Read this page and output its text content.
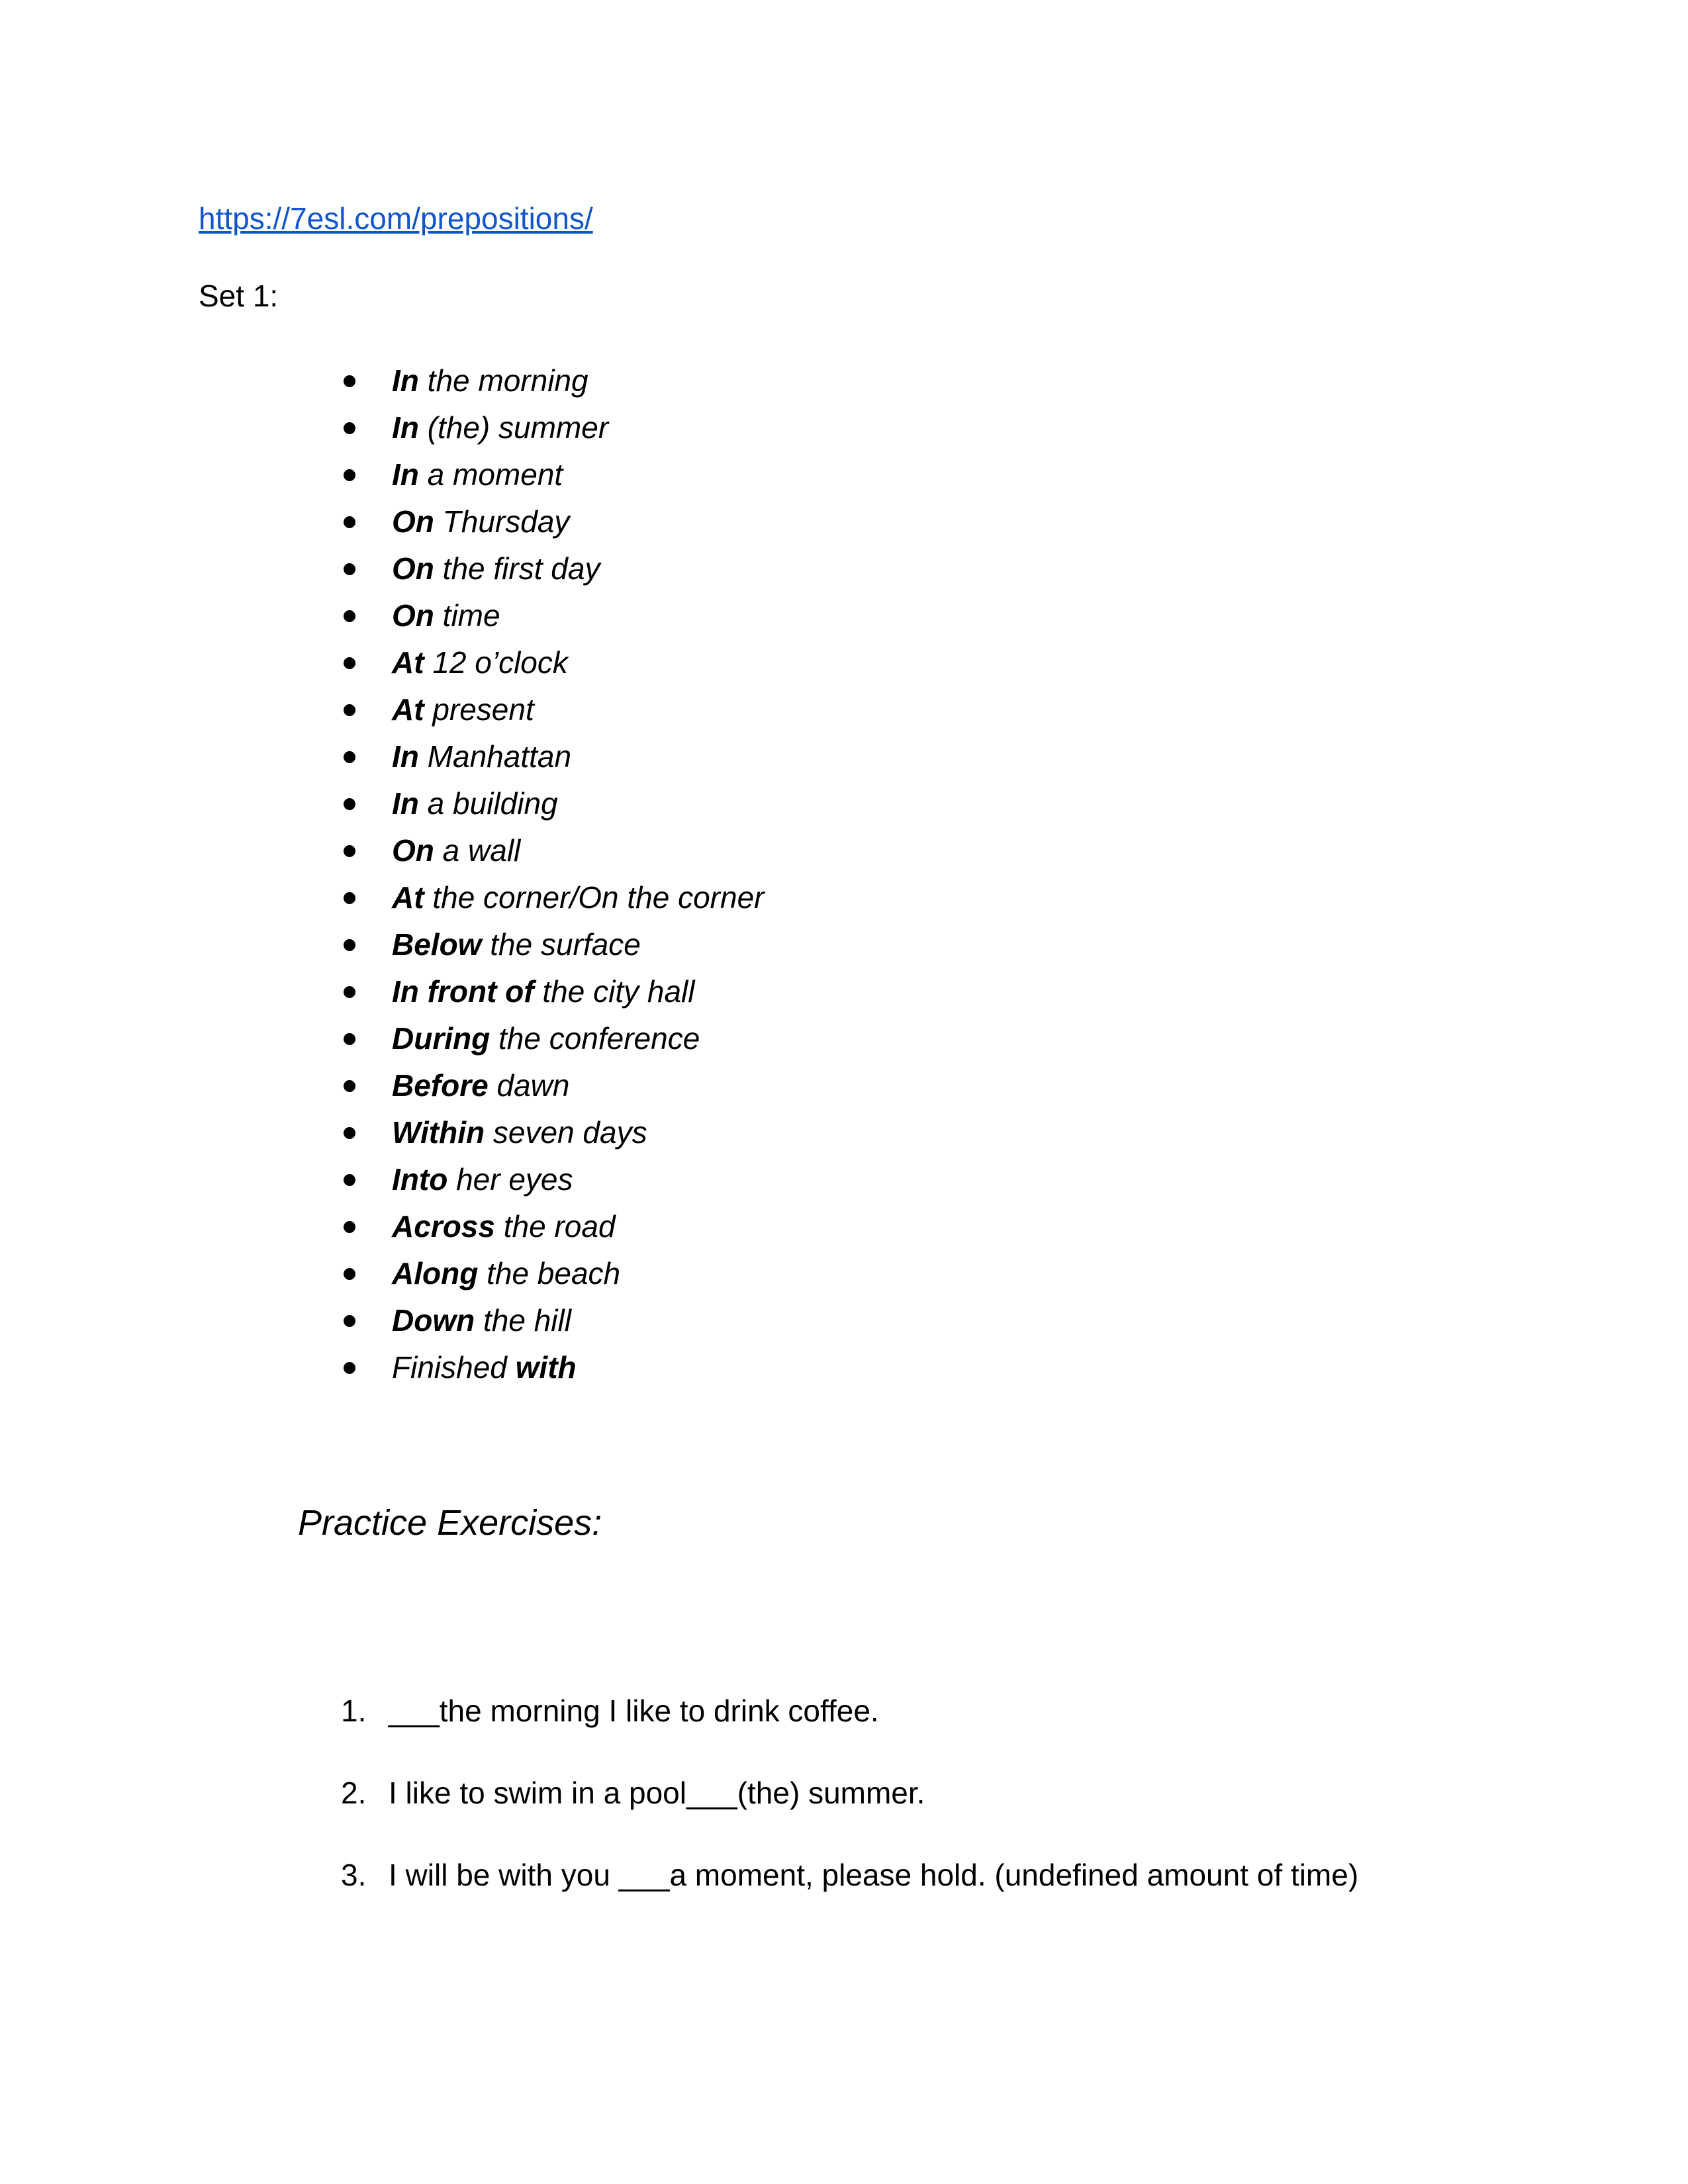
https://7esl.com/prepositions/

Set 1:

In the morning
In (the) summer
In a moment
On Thursday
On the first day
On time
At 12 o’clock
At present
In Manhattan
In a building
On a wall
At the corner/On the corner
Below the surface
In front of the city hall
During the conference
Before dawn
Within seven days
Into her eyes
Across the road
Along the beach
Down the hill
Finished with

Practice Exercises:

1. ___the morning I like to drink coffee.
2. I like to swim in a pool___(the) summer.
3. I will be with you ___a moment, please hold. (undefined amount of time)
